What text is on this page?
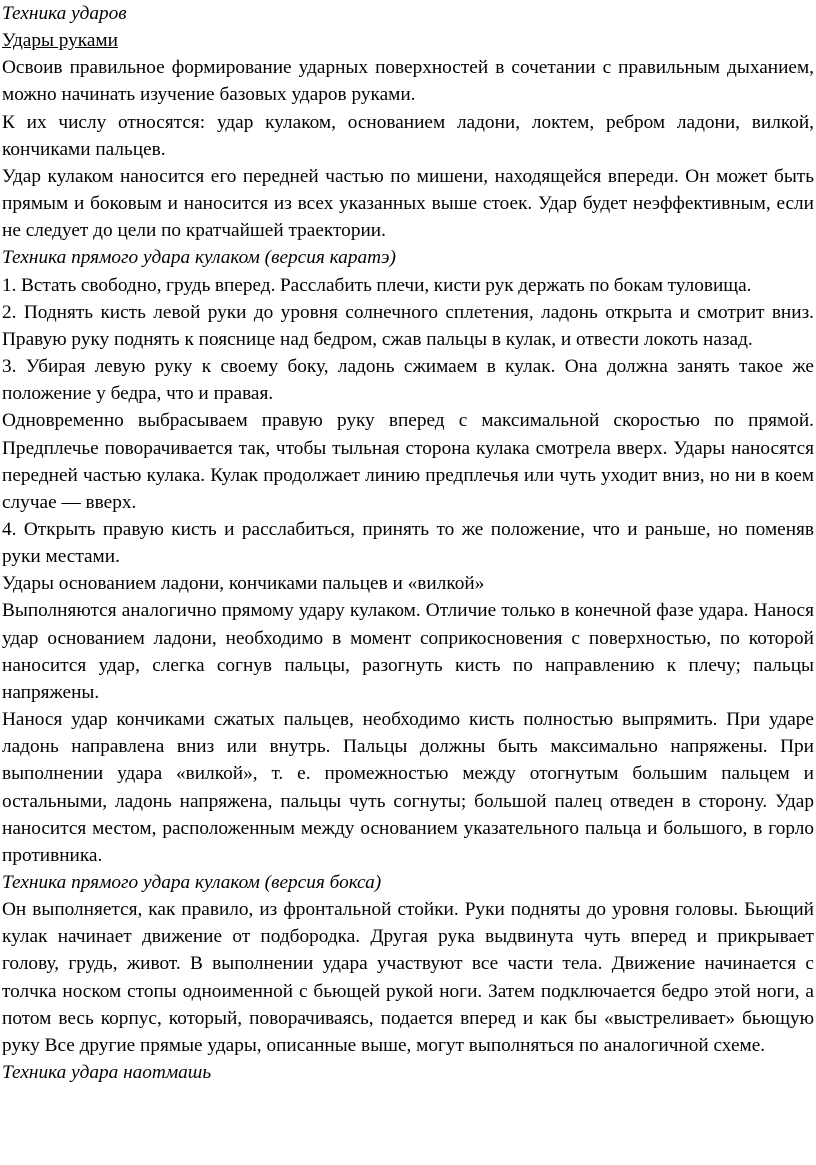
Техника ударов
Удары руками

Освоив правильное формирование ударных поверхностей в сочетании с правильным дыханием, можно начинать изучение базовых ударов руками.

К их числу относятся: удар кулаком, основанием ладони, локтем, ребром ладони, вилкой, кончиками пальцев.

Удар кулаком наносится его передней частью по мишени, находящейся впереди. Он может быть прямым и боковым и наносится из всех указанных выше стоек. Удар будет неэффективным, если не следует до цели по кратчайшей траектории.

Техника прямого удара кулаком (версия каратэ)

1. Встать свободно, грудь вперед. Расслабить плечи, кисти рук держать по бокам туловища.

2. Поднять кисть левой руки до уровня солнечного сплетения, ладонь открыта и смотрит вниз. Правую руку поднять к пояснице над бедром, сжав пальцы в кулак, и отвести локоть назад.

3. Убирая левую руку к своему боку, ладонь сжимаем в кулак. Она должна занять такое же положение у бедра, что и правая.

Одновременно выбрасываем правую руку вперед с максимальной скоростью по прямой. Предплечье поворачивается так, чтобы тыльная сторона кулака смотрела вверх. Удары наносятся передней частью кулака. Кулак продолжает линию предплечья или чуть уходит вниз, но ни в коем случае — вверх.

4. Открыть правую кисть и расслабиться, принять то же положение, что и раньше, но поменяв руки местами.

Удары основанием ладони, кончиками пальцев и «вилкой»

Выполняются аналогично прямому удару кулаком. Отличие только в конечной фазе удара. Нанося удар основанием ладони, необходимо в момент соприкосновения с поверхностью, по которой наносится удар, слегка согнув пальцы, разогнуть кисть по направлению к плечу; пальцы напряжены.

Нанося удар кончиками сжатых пальцев, необходимо кисть полностью выпрямить. При ударе ладонь направлена вниз или внутрь. Пальцы должны быть максимально напряжены. При выполнении удара «вилкой», т. е. промежностью между отогнутым большим пальцем и остальными, ладонь напряжена, пальцы чуть согнуты; большой палец отведен в сторону. Удар наносится местом, расположенным между основанием указательного пальца и большого, в горло противника.

Техника прямого удара кулаком (версия бокса)

Он выполняется, как правило, из фронтальной стойки. Руки подняты до уровня головы. Бьющий кулак начинает движение от подбородка. Другая рука выдвинута чуть вперед и прикрывает голову, грудь, живот. В выполнении удара участвуют все части тела. Движение начинается с толчка носком стопы одноименной с бьющей рукой ноги. Затем подключается бедро этой ноги, а потом весь корпус, который, поворачиваясь, подается вперед и как бы «выстреливает» бьющую руку Все другие прямые удары, описанные выше, могут выполняться по аналогичной схеме.

Техника удара наотмашь
